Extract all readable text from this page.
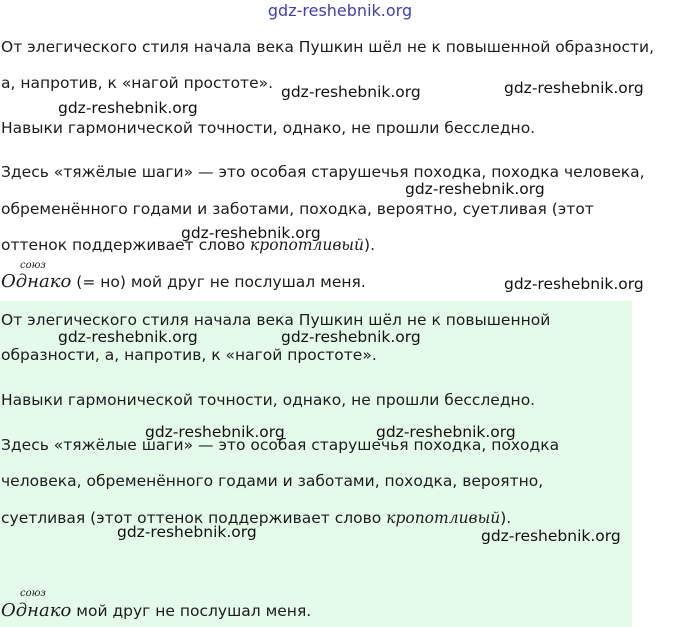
gdz-reshebnik.org
От элегического стиля начала века Пушкин шёл не к повышенной образности,
а, напротив, к «нагой простоте». gdz-reshebnik.org	gdz-reshebnik.org
gdz-reshebnik.org
Навыки гармонической точности, однако, не прошли бесследно.
Здесь «тяжёлые шаги» — это особая старушечья походка, походка человека,
gdz-reshebnik.org
обременённого годами и заботами, походка, вероятно, суетливая (этот
gdz-reshebnik.org
оттенок поддерживает слово кропотливый).
союз
Однако (= но) мой друг не послушал меня.	gdz-reshebnik.org
От элегического стиля начала века Пушкин шёл не к повышенной
gdz-reshebnik.org	gdz-reshebnik.org
образности, а, напротив, к «нагой простоте».
Навыки гармонической точности, однако, не прошли бесследно.
gdz-reshebnik.org	gdz-reshebnik.org
Здесь «тяжёлые шаги» — это особая старушечья походка, походка
человека, обременённого годами и заботами, походка, вероятно,
суетливая (этот оттенок поддерживает слово кропотливый).
gdz-reshebnik.org	gdz-reshebnik.org
союз
Однако мой друг не послушал меня.
